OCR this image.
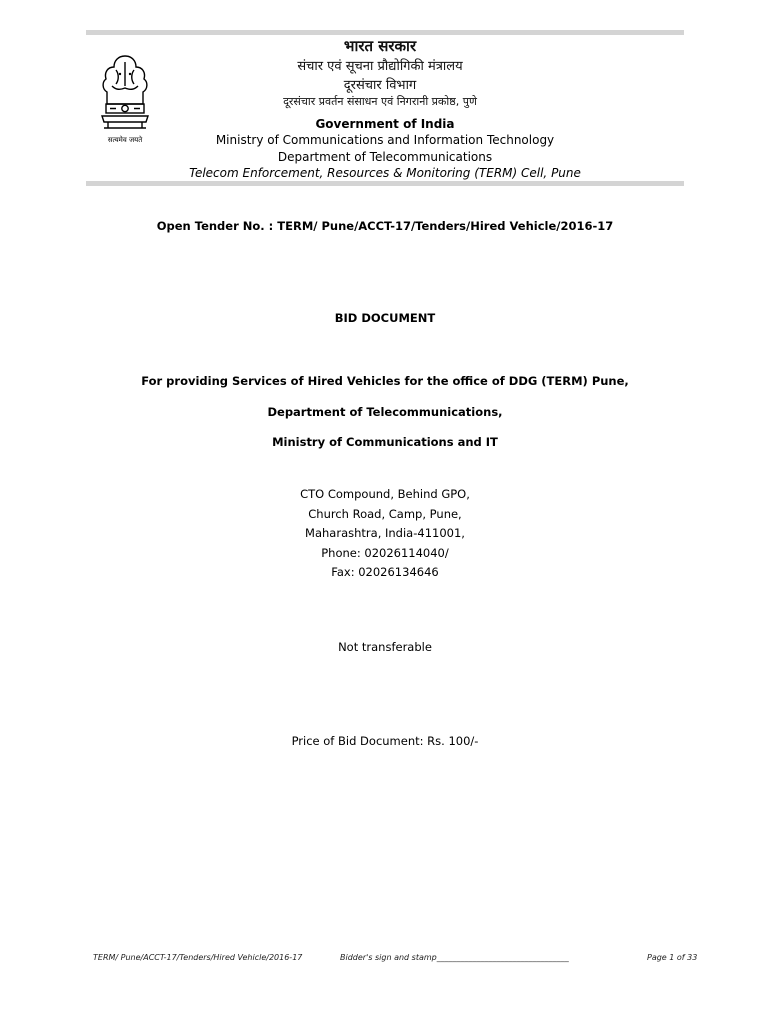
सत्यमेव जयते
भारत सरकार
संचार एवं सूचना प्रौद्योगिकी मंत्रालय
दूरसंचार विभाग
दूरसंचार प्रवर्तन संसाधन एवं निगरानी प्रकोष्ठ, पुणे
Government of India
Ministry of Communications and Information Technology
Department of Telecommunications
Telecom Enforcement, Resources & Monitoring (TERM) Cell, Pune
Open Tender No. : TERM/ Pune/ACCT-17/Tenders/Hired Vehicle/2016-17
BID DOCUMENT
For providing Services of Hired Vehicles for the office of DDG (TERM) Pune,
Department of Telecommunications,
Ministry of Communications and IT
CTO Compound, Behind GPO,
Church Road, Camp, Pune,
Maharashtra, India-411001,
Phone: 02026114040/
Fax: 02026134646
Not transferable
Price of Bid Document: Rs. 100/-
TERM/ Pune/ACCT-17/Tenders/Hired Vehicle/2016-17	Bidder's sign and stamp_________________________________	Page 1 of 33
